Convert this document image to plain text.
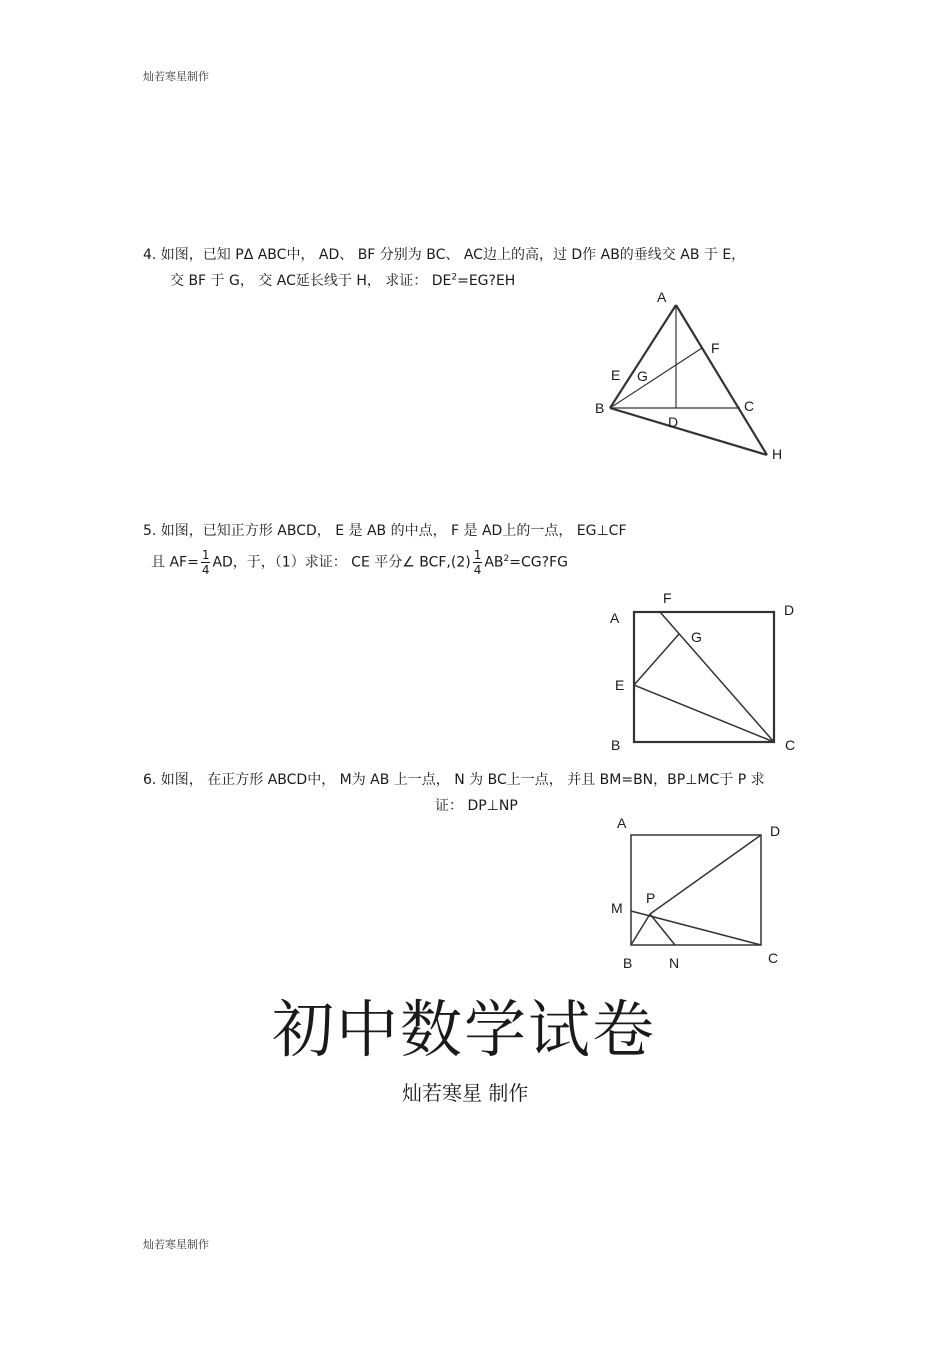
灿若寒星制作
4. 如图，已知 PΔ ABC中， AD、 BF 分别为 BC、 AC边上的高，过 D作 AB的垂线交 AB 于 E，
交 BF 于 G， 交 AC延长线于 H， 求证： $DE^2=EG?EH$
A
F
E G
B	C
D
H
5. 如图，已知正方形 ABCD， E 是 AB 的中点， F 是 AD上的一点， EG⊥CF
且 $AF= \frac{1}{4}$ AD，于，（1）求证： CE 平分∠ $BCF,(2) \frac{1}{4}$ $AB^2=CG?FG$
F
A	D
G
E
B	C
6. 如图， 在正方形 ABCD中， M为 AB 上一点， N 为 BC上一点， 并且 BM=BN，BP⊥MC于 P 求
证： DP⊥NP
A	D
P
M
B	N	C
初中数学试卷
灿若寒星 制作
灿若寒星制作
